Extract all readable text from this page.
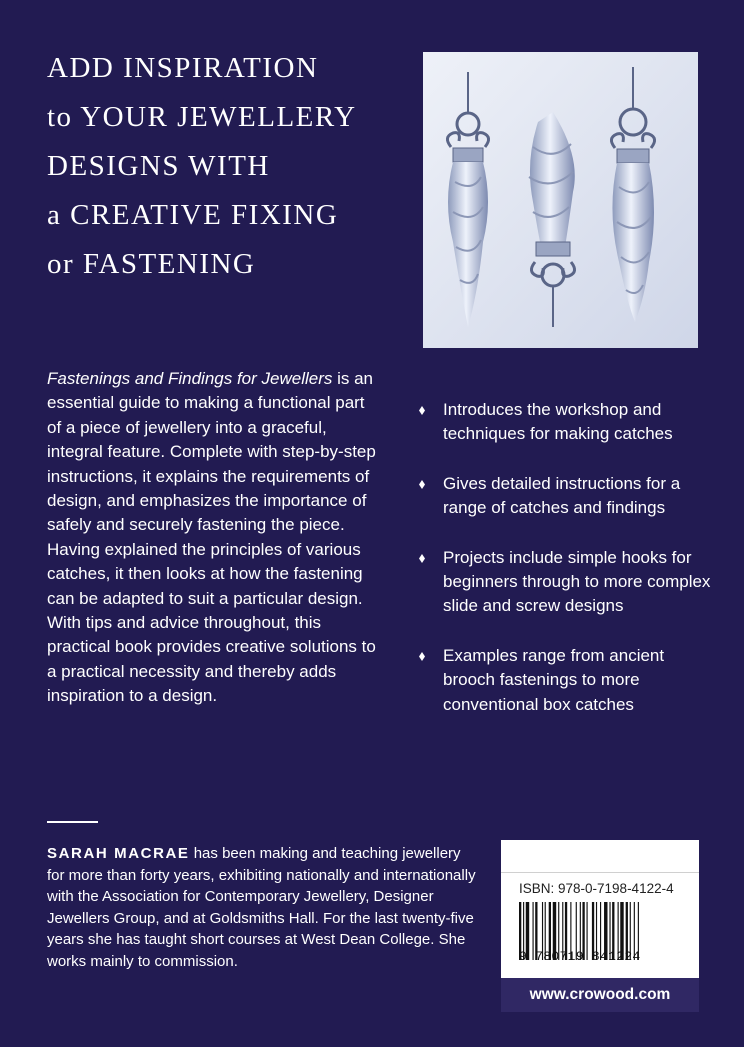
ADD INSPIRATION
to YOUR JEWELLERY
DESIGNS WITH
a CREATIVE FIXING
or FASTENING

Fastenings and Findings for Jewellers is an essential guide to making a functional part of a piece of jewellery into a graceful, integral feature. Complete with step-by-step instructions, it explains the requirements of design, and emphasizes the importance of safely and securely fastening the piece. Having explained the principles of various catches, it then looks at how the fastening can be adapted to suit a particular design. With tips and advice throughout, this practical book provides creative solutions to a practical necessity and thereby adds inspiration to a design.

Introduces the workshop and techniques for making catches
Gives detailed instructions for a range of catches and findings
Projects include simple hooks for beginners through to more complex slide and screw designs
Examples range from ancient brooch fastenings to more conventional box catches

SARAH MACRAE has been making and teaching jewellery for more than forty years, exhibiting nationally and internationally with the Association for Contemporary Jewellery, Designer Jewellers Group, and at Goldsmiths Hall. For the last twenty-five years she has taught short courses at West Dean College. She works mainly to commission.

ISBN: 978-0-7198-4122-4
9 780719 841224
www.crowood.com
